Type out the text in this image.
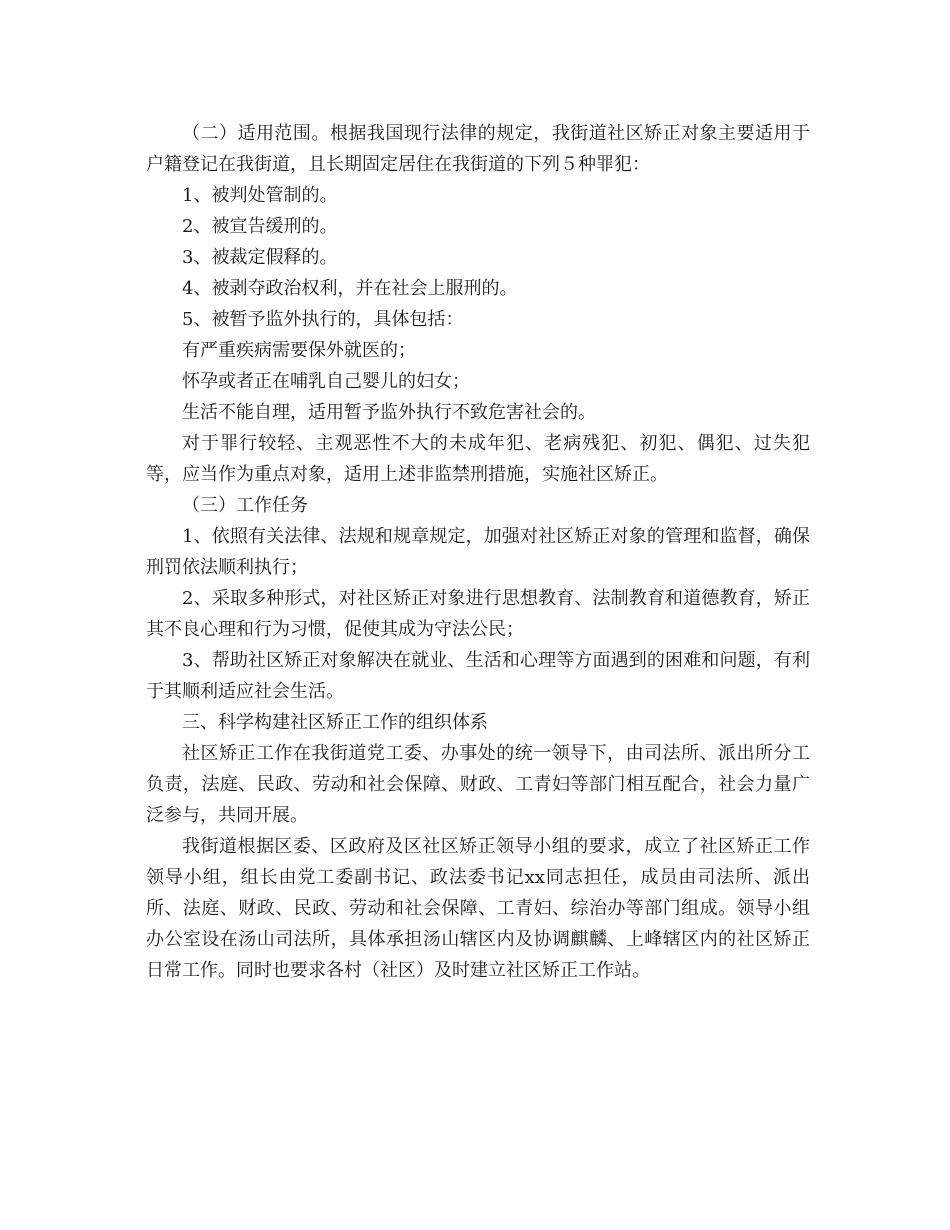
（二）适用范围。根据我国现行法律的规定，我街道社区矫正对象主要适用于户籍登记在我街道，且长期固定居住在我街道的下列５种罪犯：

1、被判处管制的。

2、被宣告缓刑的。

3、被裁定假释的。

4、被剥夺政治权利，并在社会上服刑的。

5、被暂予监外执行的，具体包括：

有严重疾病需要保外就医的；

怀孕或者正在哺乳自己婴儿的妇女；

生活不能自理，适用暂予监外执行不致危害社会的。

对于罪行较轻、主观恶性不大的未成年犯、老病残犯、初犯、偶犯、过失犯等，应当作为重点对象，适用上述非监禁刑措施，实施社区矫正。

（三）工作任务

1、依照有关法律、法规和规章规定，加强对社区矫正对象的管理和监督，确保刑罚依法顺利执行；

2、采取多种形式，对社区矫正对象进行思想教育、法制教育和道德教育，矫正其不良心理和行为习惯，促使其成为守法公民；

3、帮助社区矫正对象解决在就业、生活和心理等方面遇到的困难和问题，有利于其顺利适应社会生活。

三、科学构建社区矫正工作的组织体系

社区矫正工作在我街道党工委、办事处的统一领导下，由司法所、派出所分工负责，法庭、民政、劳动和社会保障、财政、工青妇等部门相互配合，社会力量广泛参与，共同开展。

我街道根据区委、区政府及区社区矫正领导小组的要求，成立了社区矫正工作领导小组，组长由党工委副书记、政法委书记xx同志担任，成员由司法所、派出所、法庭、财政、民政、劳动和社会保障、工青妇、综治办等部门组成。领导小组办公室设在汤山司法所，具体承担汤山辖区内及协调麒麟、上峰辖区内的社区矫正日常工作。同时也要求各村（社区）及时建立社区矫正工作站。
